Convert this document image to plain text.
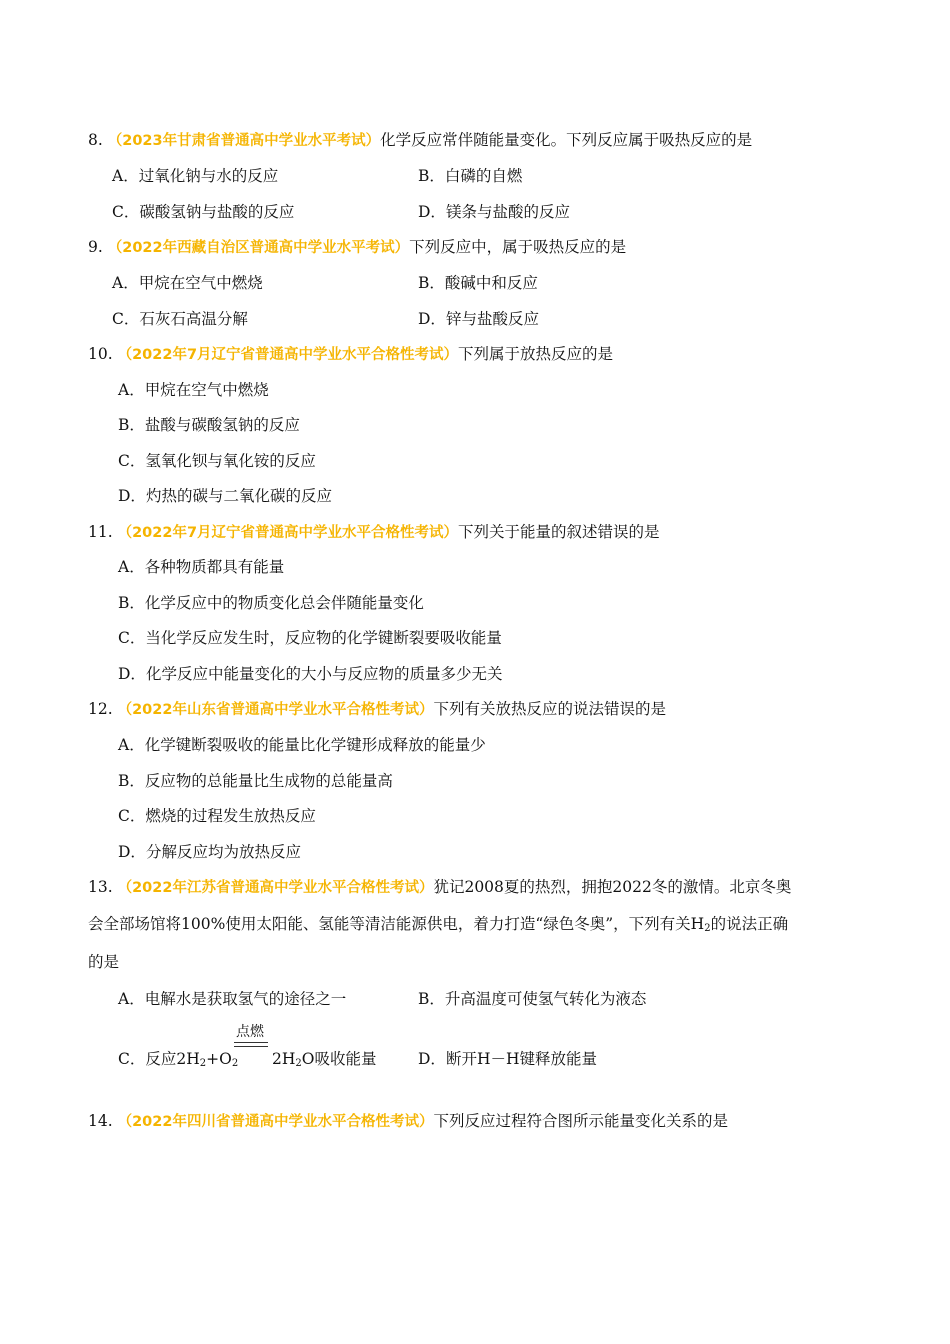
8. （2023年甘肃省普通高中学业水平考试）化学反应常伴随能量变化。下列反应属于吸热反应的是
A．过氧化钠与水的反应	B．白磷的自燃
C．碳酸氢钠与盐酸的反应	D．镁条与盐酸的反应
9. （2022年西藏自治区普通高中学业水平考试）下列反应中，属于吸热反应的是
A．甲烷在空气中燃烧	B．酸碱中和反应
C．石灰石高温分解	D．锌与盐酸反应
10. （2022年7月辽宁省普通高中学业水平合格性考试）下列属于放热反应的是
A．甲烷在空气中燃烧
B．盐酸与碳酸氢钠的反应
C．氢氧化钡与氧化铵的反应
D．灼热的碳与二氧化碳的反应
11. （2022年7月辽宁省普通高中学业水平合格性考试）下列关于能量的叙述错误的是
A．各种物质都具有能量
B．化学反应中的物质变化总会伴随能量变化
C．当化学反应发生时，反应物的化学键断裂要吸收能量
D．化学反应中能量变化的大小与反应物的质量多少无关
12. （2022年山东省普通高中学业水平合格性考试）下列有关放热反应的说法错误的是
A．化学键断裂吸收的能量比化学键形成释放的能量少
B．反应物的总能量比生成物的总能量高
C．燃烧的过程发生放热反应
D．分解反应均为放热反应
13. （2022年江苏省普通高中学业水平合格性考试）犹记2008夏的热烈，拥抱2022冬的激情。北京冬奥
会全部场馆将100%使用太阳能、氢能等清洁能源供电，着力打造“绿色冬奥”，下列有关$H_2$的说法正确
的是
A．电解水是获取氢气的途径之一	B．升高温度可使氢气转化为液态
C．反应$2H_2+O_2$
点燃
$2H_2O$吸收能量	D．断开H－H键释放能量
14. （2022年四川省普通高中学业水平合格性考试）下列反应过程符合图所示能量变化关系的是
